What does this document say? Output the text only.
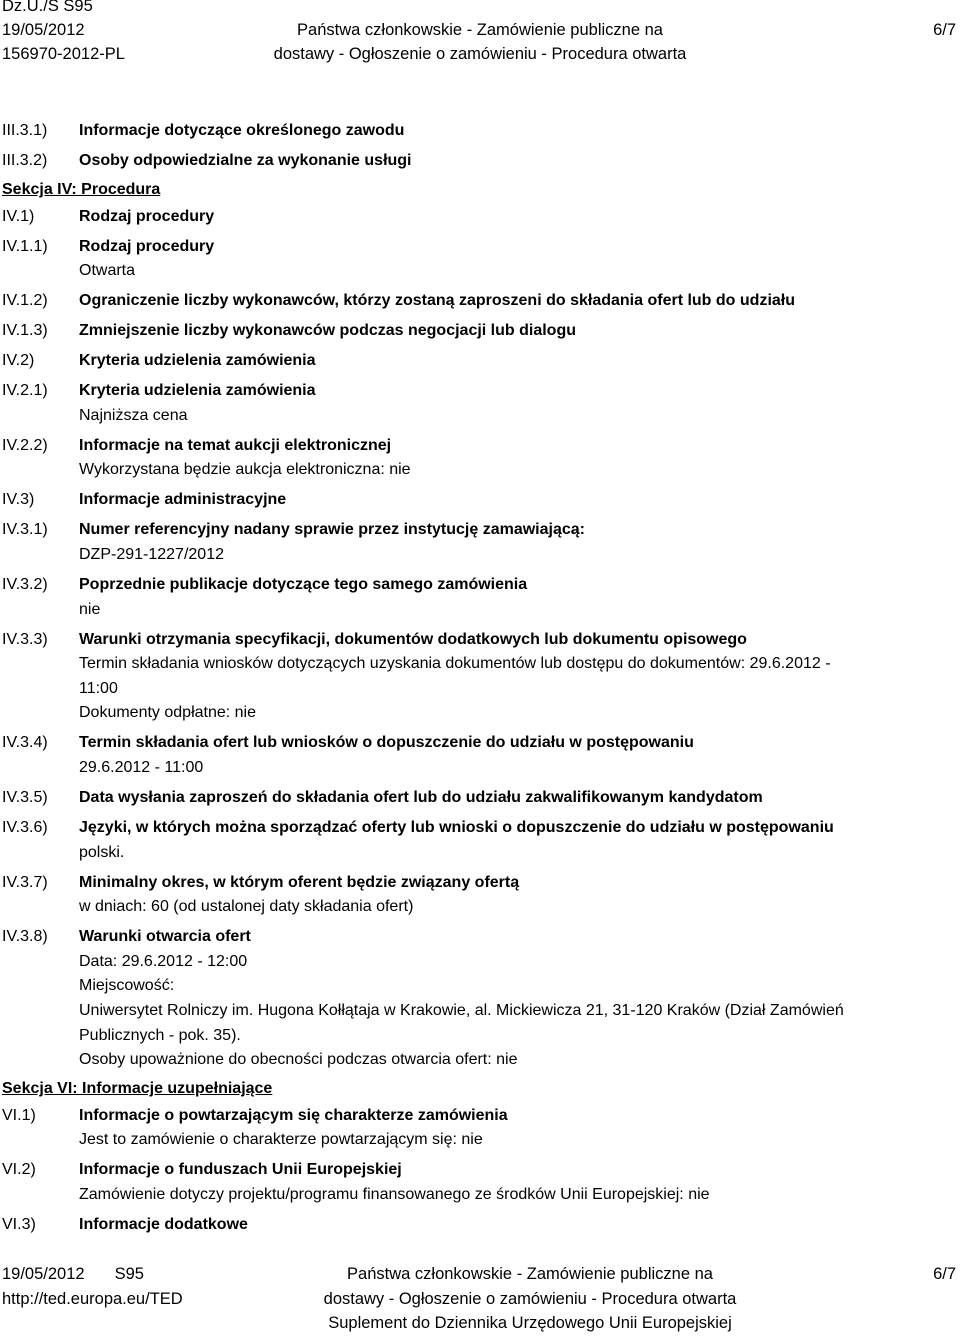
Dz.U./S S95
19/05/2012
156970-2012-PL
Państwa członkowskie - Zamówienie publiczne na
dostawy - Ogłoszenie o zamówieniu - Procedura otwarta
6/7
III.3.1)	Informacje dotyczące określonego zawodu
III.3.2)	Osoby odpowiedzialne za wykonanie usługi
Sekcja IV: Procedura
IV.1)	Rodzaj procedury
IV.1.1)	Rodzaj procedury
Otwarta
IV.1.2)	Ograniczenie liczby wykonawców, którzy zostaną zaproszeni do składania ofert lub do udziału
IV.1.3)	Zmniejszenie liczby wykonawców podczas negocjacji lub dialogu
IV.2)	Kryteria udzielenia zamówienia
IV.2.1)	Kryteria udzielenia zamówienia
Najniższa cena
IV.2.2)	Informacje na temat aukcji elektronicznej
Wykorzystana będzie aukcja elektroniczna: nie
IV.3)	Informacje administracyjne
IV.3.1)	Numer referencyjny nadany sprawie przez instytucję zamawiającą:
DZP-291-1227/2012
IV.3.2)	Poprzednie publikacje dotyczące tego samego zamówienia
nie
IV.3.3)	Warunki otrzymania specyfikacji, dokumentów dodatkowych lub dokumentu opisowego
Termin składania wniosków dotyczących uzyskania dokumentów lub dostępu do dokumentów: 29.6.2012 -
11:00
Dokumenty odpłatne: nie
IV.3.4)	Termin składania ofert lub wniosków o dopuszczenie do udziału w postępowaniu
29.6.2012 - 11:00
IV.3.5)	Data wysłania zaproszeń do składania ofert lub do udziału zakwalifikowanym kandydatom
IV.3.6)	Języki, w których można sporządzać oferty lub wnioski o dopuszczenie do udziału w postępowaniu
polski.
IV.3.7)	Minimalny okres, w którym oferent będzie związany ofertą
w dniach: 60 (od ustalonej daty składania ofert)
IV.3.8)	Warunki otwarcia ofert
Data: 29.6.2012 - 12:00
Miejscowość:
Uniwersytet Rolniczy im. Hugona Kołłątaja w Krakowie, al. Mickiewicza 21, 31-120 Kraków (Dział Zamówień
Publicznych - pok. 35).
Osoby upoważnione do obecności podczas otwarcia ofert: nie
Sekcja VI: Informacje uzupełniające
VI.1)	Informacje o powtarzającym się charakterze zamówienia
Jest to zamówienie o charakterze powtarzającym się: nie
VI.2)	Informacje o funduszach Unii Europejskiej
Zamówienie dotyczy projektu/programu finansowanego ze środków Unii Europejskiej: nie
VI.3)	Informacje dodatkowe
19/05/2012 S95
http://ted.europa.eu/TED
Państwa członkowskie - Zamówienie publiczne na
dostawy - Ogłoszenie o zamówieniu - Procedura otwarta
Suplement do Dziennika Urzędowego Unii Europejskiej
6/7
